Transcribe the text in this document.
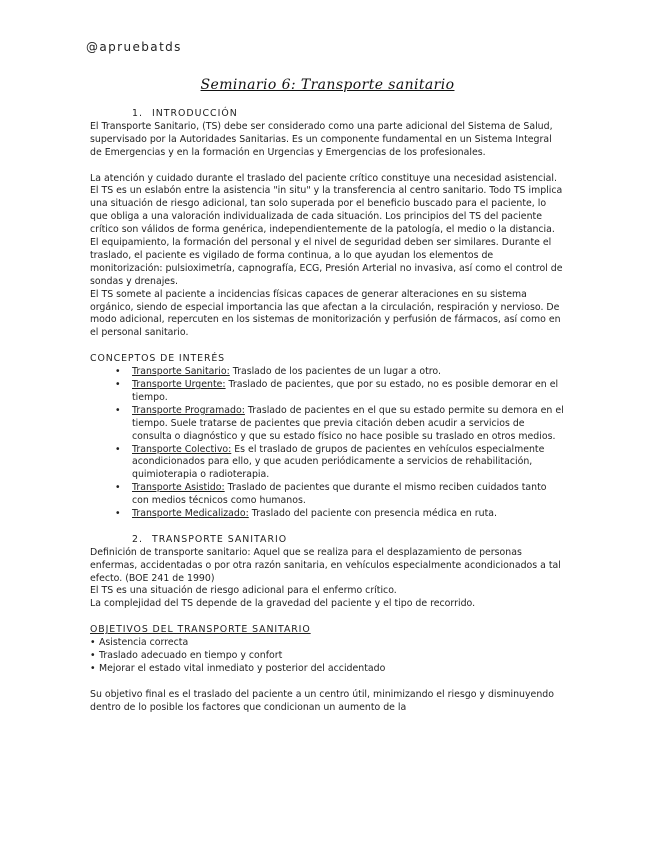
@apruebatds
Seminario 6: Transporte sanitario

1. INTRODUCCIÓN

El Transporte Sanitario, (TS) debe ser considerado como una parte adicional del Sistema de Salud, supervisado por la Autoridades Sanitarias. Es un componente fundamental en un Sistema Integral de Emergencias y en la formación en Urgencias y Emergencias de los profesionales.

La atención y cuidado durante el traslado del paciente crítico constituye una necesidad asistencial. El TS es un eslabón entre la asistencia "in situ" y la transferencia al centro sanitario. Todo TS implica una situación de riesgo adicional, tan solo superada por el beneficio buscado para el paciente, lo que obliga a una valoración individualizada de cada situación. Los principios del TS del paciente crítico son válidos de forma genérica, independientemente de la patología, el medio o la distancia. El equipamiento, la formación del personal y el nivel de seguridad deben ser similares. Durante el traslado, el paciente es vigilado de forma continua, a lo que ayudan los elementos de monitorización: pulsioximetría, capnografía, ECG, Presión Arterial no invasiva, así como el control de sondas y drenajes.

El TS somete al paciente a incidencias físicas capaces de generar alteraciones en su sistema orgánico, siendo de especial importancia las que afectan a la circulación, respiración y nervioso. De modo adicional, repercuten en los sistemas de monitorización y perfusión de fármacos, así como en el personal sanitario.

CONCEPTOS DE INTERÉS

• Transporte Sanitario: Traslado de los pacientes de un lugar a otro.
• Transporte Urgente: Traslado de pacientes, que por su estado, no es posible demorar en el tiempo.
• Transporte Programado: Traslado de pacientes en el que su estado permite su demora en el tiempo. Suele tratarse de pacientes que previa citación deben acudir a servicios de consulta o diagnóstico y que su estado físico no hace posible su traslado en otros medios.
• Transporte Colectivo: Es el traslado de grupos de pacientes en vehículos especialmente acondicionados para ello, y que acuden periódicamente a servicios de rehabilitación, quimioterapia o radioterapia.
• Transporte Asistido: Traslado de pacientes que durante el mismo reciben cuidados tanto con medios técnicos como humanos.
• Transporte Medicalizado: Traslado del paciente con presencia médica en ruta.

2. TRANSPORTE SANITARIO

Definición de transporte sanitario: Aquel que se realiza para el desplazamiento de personas enfermas, accidentadas o por otra razón sanitaria, en vehículos especialmente acondicionados a tal efecto. (BOE 241 de 1990)

El TS es una situación de riesgo adicional para el enfermo crítico.

La complejidad del TS depende de la gravedad del paciente y el tipo de recorrido.

OBJETIVOS DEL TRANSPORTE SANITARIO

• Asistencia correcta
• Traslado adecuado en tiempo y confort
• Mejorar el estado vital inmediato y posterior del accidentado

Su objetivo final es el traslado del paciente a un centro útil, minimizando el riesgo y disminuyendo dentro de lo posible los factores que condicionan un aumento de la
